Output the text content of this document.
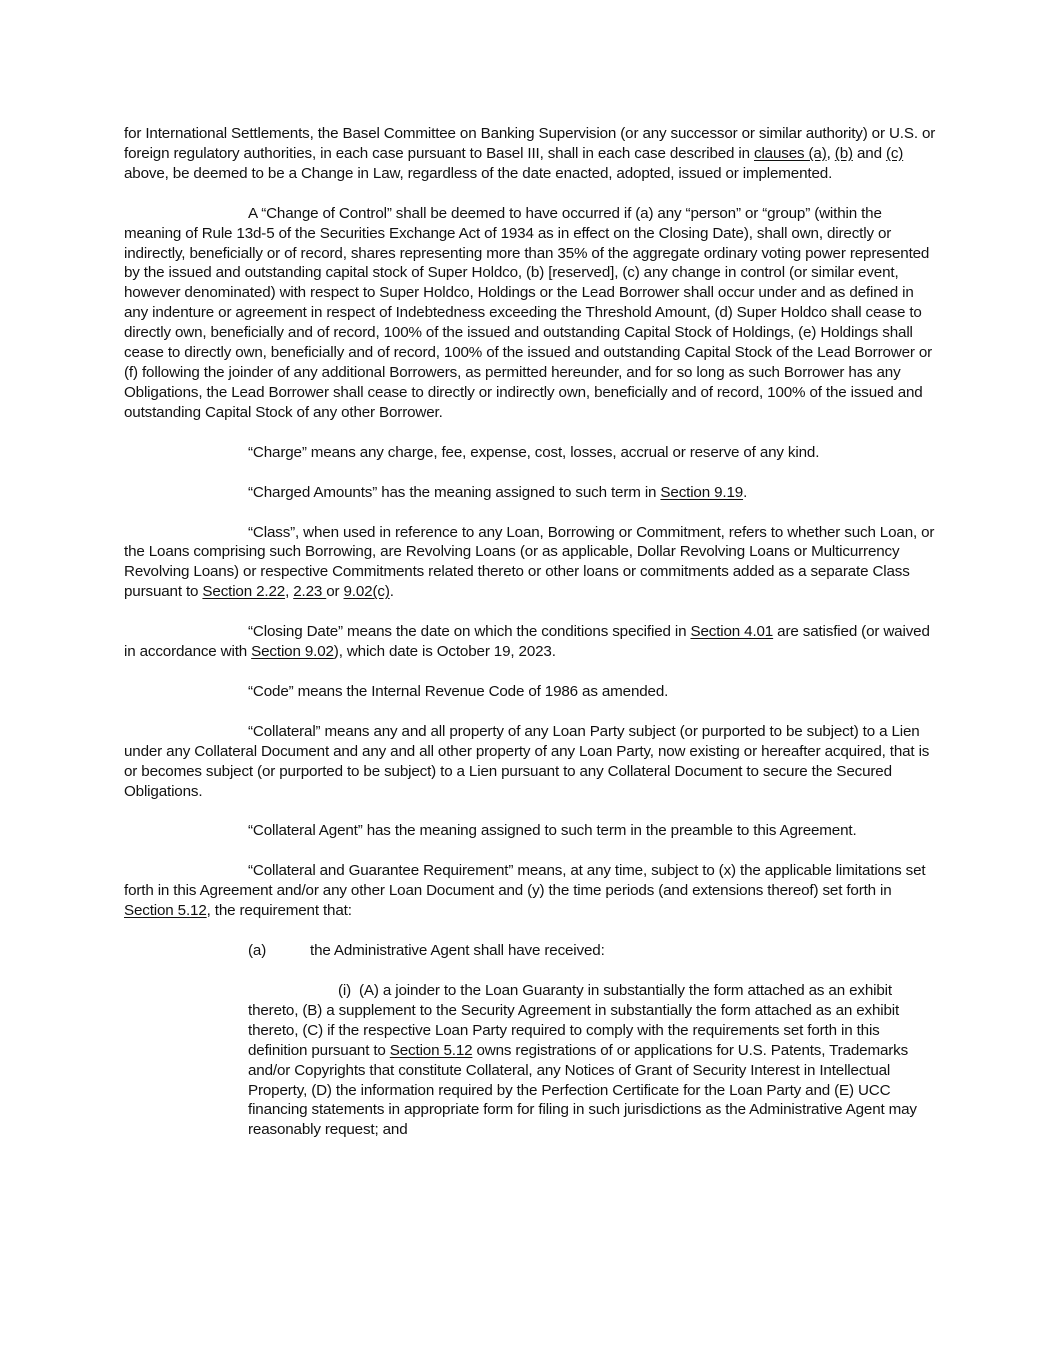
for International Settlements, the Basel Committee on Banking Supervision (or any successor or similar authority) or U.S. or foreign regulatory authorities, in each case pursuant to Basel III, shall in each case described in clauses (a), (b) and (c) above, be deemed to be a Change in Law, regardless of the date enacted, adopted, issued or implemented.

A “Change of Control” shall be deemed to have occurred if (a) any “person” or “group” (within the meaning of Rule 13d-5 of the Securities Exchange Act of 1934 as in effect on the Closing Date), shall own, directly or indirectly, beneficially or of record, shares representing more than 35% of the aggregate ordinary voting power represented by the issued and outstanding capital stock of Super Holdco, (b) [reserved], (c) any change in control (or similar event, however denominated) with respect to Super Holdco, Holdings or the Lead Borrower shall occur under and as defined in any indenture or agreement in respect of Indebtedness exceeding the Threshold Amount, (d) Super Holdco shall cease to directly own, beneficially and of record, 100% of the issued and outstanding Capital Stock of Holdings, (e) Holdings shall cease to directly own, beneficially and of record, 100% of the issued and outstanding Capital Stock of the Lead Borrower or (f) following the joinder of any additional Borrowers, as permitted hereunder, and for so long as such Borrower has any Obligations, the Lead Borrower shall cease to directly or indirectly own, beneficially and of record, 100% of the issued and outstanding Capital Stock of any other Borrower.

“Charge” means any charge, fee, expense, cost, losses, accrual or reserve of any kind.

“Charged Amounts” has the meaning assigned to such term in Section 9.19.

“Class”, when used in reference to any Loan, Borrowing or Commitment, refers to whether such Loan, or the Loans comprising such Borrowing, are Revolving Loans (or as applicable, Dollar Revolving Loans or Multicurrency Revolving Loans) or respective Commitments related thereto or other loans or commitments added as a separate Class pursuant to Section 2.22, 2.23 or 9.02(c).

“Closing Date” means the date on which the conditions specified in Section 4.01 are satisfied (or waived in accordance with Section 9.02), which date is October 19, 2023.

“Code” means the Internal Revenue Code of 1986 as amended.

“Collateral” means any and all property of any Loan Party subject (or purported to be subject) to a Lien under any Collateral Document and any and all other property of any Loan Party, now existing or hereafter acquired, that is or becomes subject (or purported to be subject) to a Lien pursuant to any Collateral Document to secure the Secured Obligations.

“Collateral Agent” has the meaning assigned to such term in the preamble to this Agreement.

“Collateral and Guarantee Requirement” means, at any time, subject to (x) the applicable limitations set forth in this Agreement and/or any other Loan Document and (y) the time periods (and extensions thereof) set forth in Section 5.12, the requirement that:

(a)	the Administrative Agent shall have received:

(i) (A) a joinder to the Loan Guaranty in substantially the form attached as an exhibit thereto, (B) a supplement to the Security Agreement in substantially the form attached as an exhibit thereto, (C) if the respective Loan Party required to comply with the requirements set forth in this definition pursuant to Section 5.12 owns registrations of or applications for U.S. Patents, Trademarks and/or Copyrights that constitute Collateral, any Notices of Grant of Security Interest in Intellectual Property, (D) the information required by the Perfection Certificate for the Loan Party and (E) UCC financing statements in appropriate form for filing in such jurisdictions as the Administrative Agent may reasonably request; and
